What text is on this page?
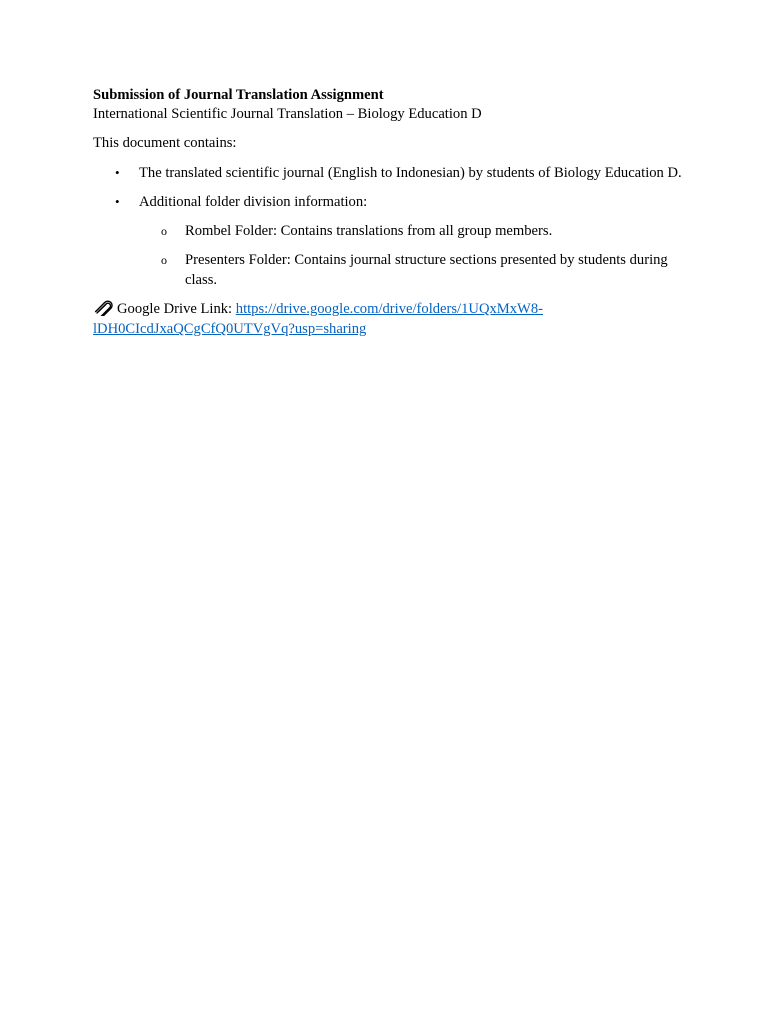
Submission of Journal Translation Assignment

International Scientific Journal Translation – Biology Education D

This document contains:

•	The translated scientific journal (English to Indonesian) by students of Biology Education D.
•	Additional folder division information:
o Rombel Folder: Contains translations from all group members.
o Presenters Folder: Contains journal structure sections presented by students during class.

Google Drive Link: https://drive.google.com/drive/folders/1UQxMxW8-
lDH0CIcdJxaQCgCfQ0UTVgVq?usp=sharing
